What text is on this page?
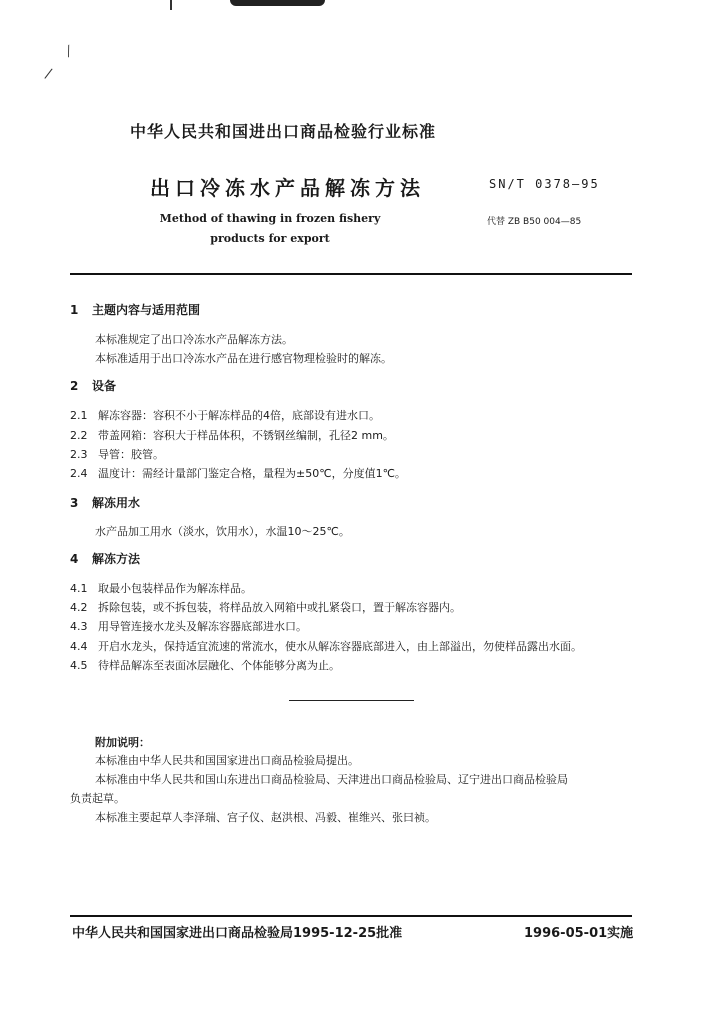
⁄
/
中华人民共和国进出口商品检验行业标准
出口冷冻水产品解冻方法	SN/T 0378—95
Method of thawing in frozen fishery
products for export
代替 ZB B50 004—85
1 主题内容与适用范围
本标准规定了出口冷冻水产品解冻方法。
本标准适用于出口冷冻水产品在进行感官物理检验时的解冻。
2 设备
2.1 解冻容器：容积不小于解冻样品的4倍，底部设有进水口。
2.2 带盖网箱：容积大于样品体积，不锈钢丝编制，孔径2 mm。
2.3 导管：胶管。
2.4 温度计：需经计量部门鉴定合格，量程为±50℃，分度值1℃。
3 解冻用水
水产品加工用水（淡水，饮用水），水温10～25℃。
4 解冻方法
4.1 取最小包装样品作为解冻样品。
4.2 拆除包装，或不拆包装，将样品放入网箱中或扎紧袋口，置于解冻容器内。
4.3 用导管连接水龙头及解冻容器底部进水口。
4.4 开启水龙头，保持适宜流速的常流水，使水从解冻容器底部进入，由上部溢出，勿使样品露出水面。
4.5 待样品解冻至表面冰层融化、个体能够分离为止。
附加说明：
本标准由中华人民共和国国家进出口商品检验局提出。
本标准由中华人民共和国山东进出口商品检验局、天津进出口商品检验局、辽宁进出口商品检验局
负责起草。
本标准主要起草人李泽瑞、宫子仪、赵洪根、冯毅、崔维兴、张曰祯。
中华人民共和国国家进出口商品检验局1995-12-25批准	1996-05-01实施
